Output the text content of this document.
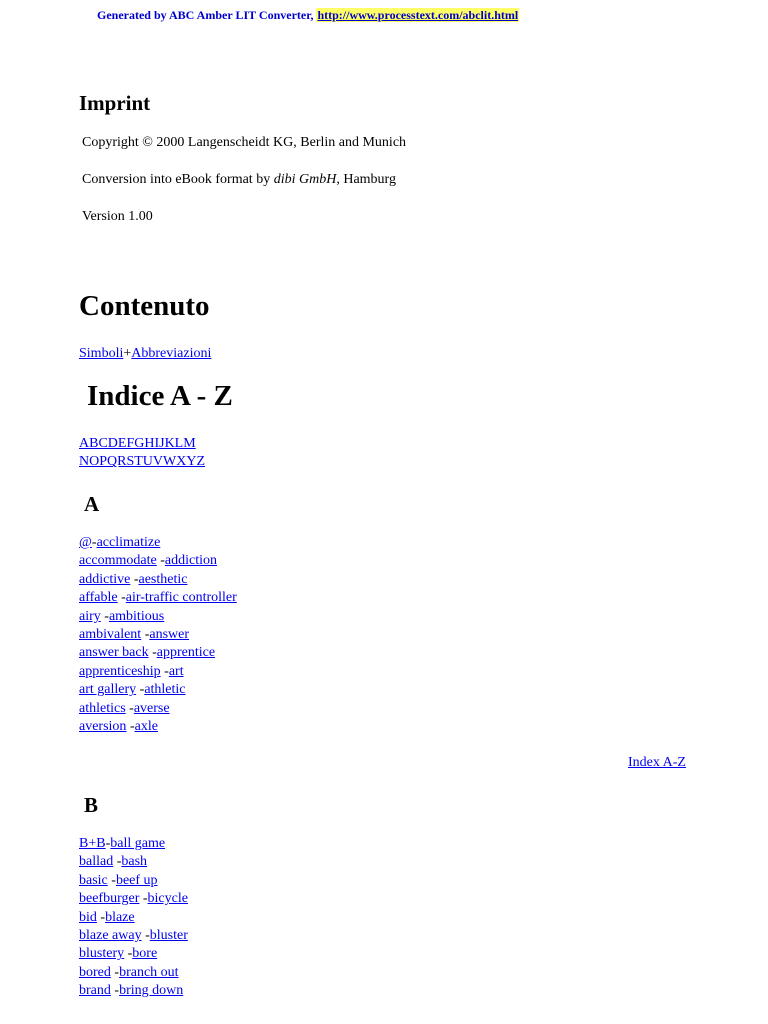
Generated by ABC Amber LIT Converter, http://www.processtext.com/abclit.html
Imprint

Copyright © 2000 Langenscheidt KG, Berlin and Munich

Conversion into eBook format by dibi GmbH, Hamburg

Version 1.00

Contenuto
Simboli+Abbreviazioni
Indice A - Z
ABCDEFGHIJKLM
NOPQRSTUVWXYZ
A
@-acclimatize
accommodate -addiction
addictive -aesthetic
affable -air-traffic controller
airy -ambitious
ambivalent -answer
answer back -apprentice
apprenticeship -art
art gallery -athletic
athletics -averse
aversion -axle
Index A-Z
B
B+B-ball game
ballad -bash
basic -beef up
beefburger -bicycle
bid -blaze
blaze away -bluster
blustery -bore
bored -branch out
brand -bring down
